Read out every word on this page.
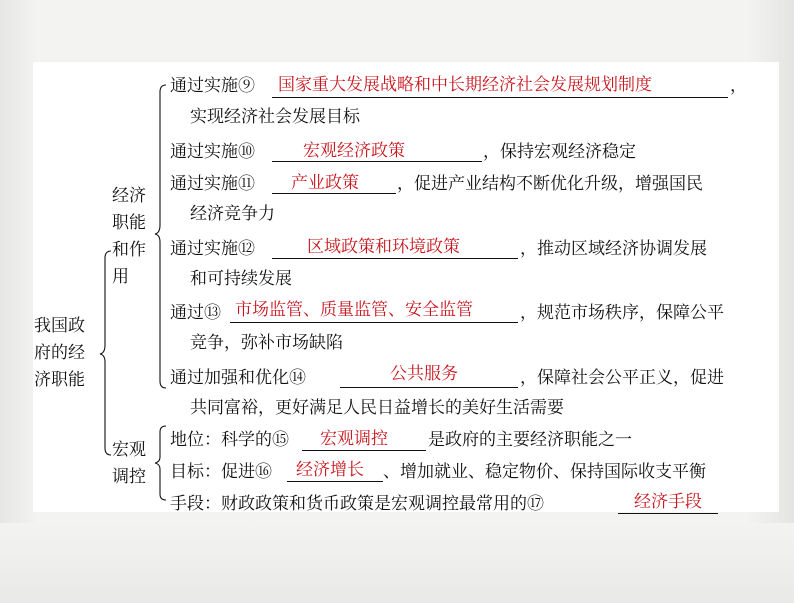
我国政
府的经
济职能
经济
职能
和作
用
宏观
调控
通过实施⑨ 国家重大发展战略和中长期经济社会发展规划制度	，
实现经济社会发展目标
通过实施⑩	宏观经济政策	，保持宏观经济稳定
通过实施⑪ 产业政策 ，促进产业结构不断优化升级，增强国民
经济竞争力
通过实施⑫	区域政策和环境政策	，推动区域经济协调发展
和可持续发展
通过⑬ 市场监管、质量监管、安全监管	，规范市场秩序，保障公平
竞争，弥补市场缺陷
通过加强和优化⑭	公共服务	，保障社会公平正义，促进
共同富裕，更好满足人民日益增长的美好生活需要
地位：科学的⑮ 宏观调控 是政府的主要经济职能之一
目标：促进⑯ 经济增长 、增加就业、稳定物价、保持国际收支平衡
手段：财政政策和货币政策是宏观调控最常用的⑰	经济手段
